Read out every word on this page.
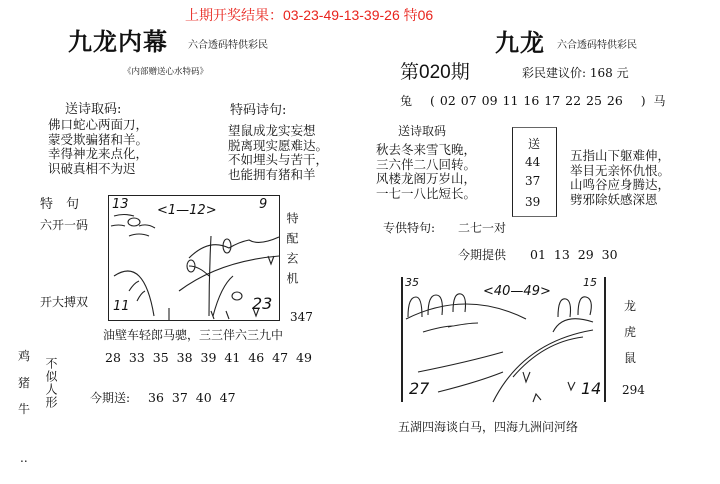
上期开奖结果：03-23-49-13-39-26 特06
九龙内幕 六合透码特供彩民
《内部赠送心水特码》
送诗取码:
佛口蛇心两面刀，
蒙受欺骗猪和羊。
幸得神龙来点化，
识破真相不为迟
特码诗句:
望鼠成龙实妄想
脱离现实愿难达。
不如埋头与苦干，
也能拥有猪和羊
特　句
六开一码
开大搏双
13 <1—12>	9
11	23
特配玄机
347
油壁车轻郎马骢，三三伴六三九中
28 33 35 38 39 41 46 47 49
鸡
猪
牛 不似人形	今期送: 36 37 40 47
..
九龙 六合透码特供彩民
第020期	彩民建议价: 168 元
兔 ( 02 07 09 11 16 17 22 25 26 ) 马
送诗取码
秋去冬来雪飞晚，
三六伴二八回转。
风楼龙阁万岁山，
一七一八比短长。
送
44
37
39
五指山下躯难伸，
举目无亲怀仇恨。
山鸣谷应身腾达，
劈邪除妖感深恩
专供特句: 二七一对
今期提供 01 13 29 30
35
<40—49>
15
27	14
龙
虎
鼠
294
五湖四海谈白马，四海九洲问河络
